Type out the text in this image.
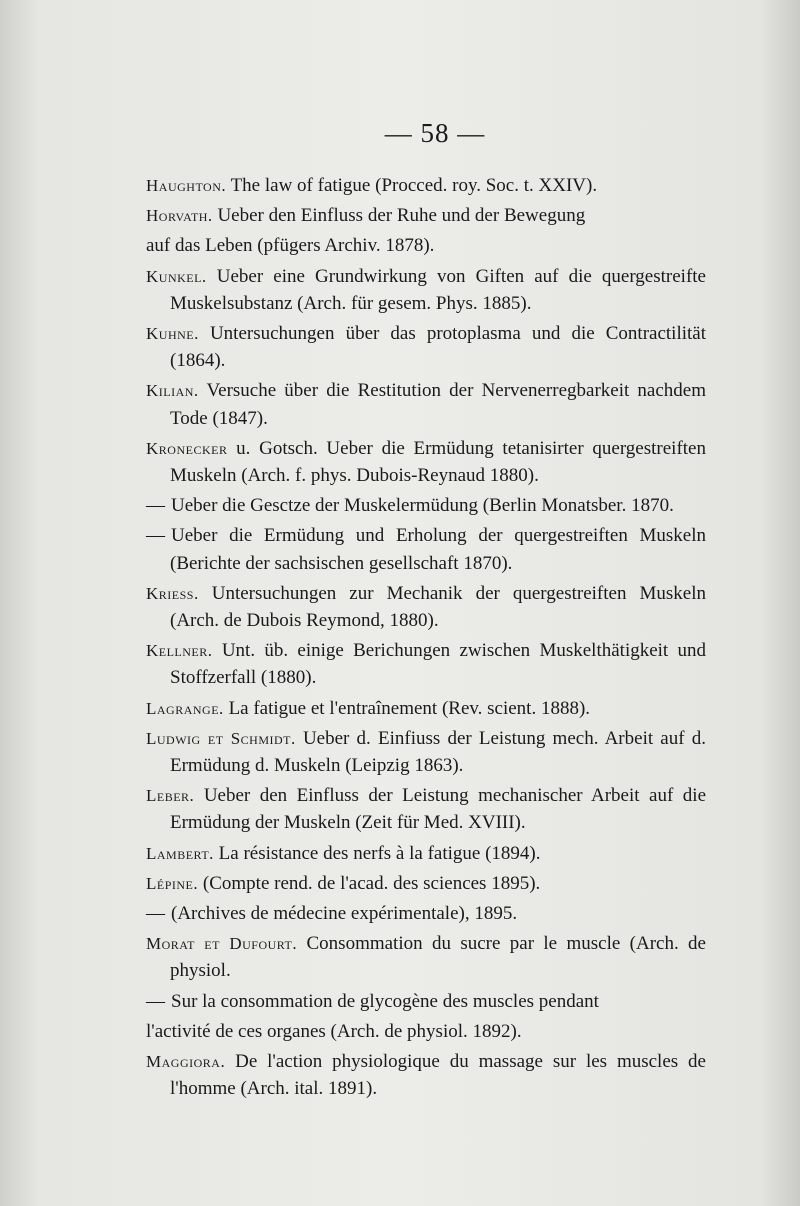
— 58 —

Haughton. The law of fatigue (Procced. roy. Soc. t. XXIV).

Horvath. Ueber den Einfluss der Ruhe und der Bewegung

auf das Leben (pfügers Archiv. 1878).

Kunkel. Ueber eine Grundwirkung von Giften auf die quergestreifte Muskelsubstanz (Arch. für gesem. Phys. 1885).

Kuhne. Untersuchungen über das protoplasma und die Contractilität (1864).

Kilian. Versuche über die Restitution der Nervenerregbarkeit nachdem Tode (1847).

Kronecker u. Gotsch. Ueber die Ermüdung tetanisirter quergestreiften Muskeln (Arch. f. phys. Dubois-Reynaud 1880).

— Ueber die Gesctze der Muskelermüdung (Berlin Monatsber. 1870.

— Ueber die Ermüdung und Erholung der quergestreiften Muskeln (Berichte der sachsischen gesellschaft 1870).

Kriess. Untersuchungen zur Mechanik der quergestreiften Muskeln (Arch. de Dubois Reymond, 1880).

Kellner. Unt. üb. einige Berichungen zwischen Muskelthätigkeit und Stoffzerfall (1880).

Lagrange. La fatigue et l'entraînement (Rev. scient. 1888).

Ludwig et Schmidt. Ueber d. Einfiuss der Leistung mech. Arbeit auf d. Ermüdung d. Muskeln (Leipzig 1863).

Leber. Ueber den Einfluss der Leistung mechanischer Arbeit auf die Ermüdung der Muskeln (Zeit für Med. XVIII).

Lambert. La résistance des nerfs à la fatigue (1894).

Lépine. (Compte rend. de l'acad. des sciences 1895).

— (Archives de médecine expérimentale), 1895.

Morat et Dufourt. Consommation du sucre par le muscle (Arch. de physiol.

— Sur la consommation de glycogène des muscles pendant

l'activité de ces organes (Arch. de physiol. 1892).

Maggiora. De l'action physiologique du massage sur les muscles de l'homme (Arch. ital. 1891).
